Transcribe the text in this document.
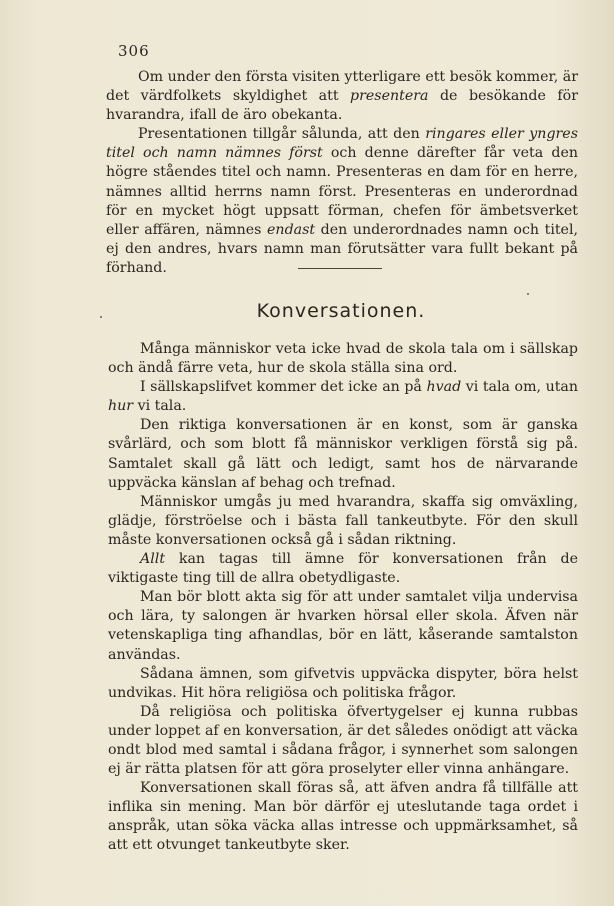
306

Om under den första visiten ytterligare ett besök kommer, är det värdfolkets skyldighet att presentera de besökande för hvarandra, ifall de äro obekanta.

Presentationen tillgår sålunda, att den ringares eller yngres titel och namn nämnes först och denne därefter får veta den högre ståendes titel och namn. Presenteras en dam för en herre, nämnes alltid herrns namn först. Presenteras en underordnad för en mycket högt uppsatt förman, chefen för ämbetsverket eller affären, nämnes endast den underordnades namn och titel, ej den andres, hvars namn man förutsätter vara fullt bekant på förhand.

Konversationen.

Många människor veta icke hvad de skola tala om i sällskap och ändå färre veta, hur de skola ställa sina ord.

I sällskapslifvet kommer det icke an på hvad vi tala om, utan hur vi tala.

Den riktiga konversationen är en konst, som är ganska svårlärd, och som blott få människor verkligen förstå sig på. Samtalet skall gå lätt och ledigt, samt hos de närvarande uppväcka känslan af behag och trefnad.

Människor umgås ju med hvarandra, skaffa sig omväxling, glädje, förströelse och i bästa fall tankeutbyte. För den skull måste konversationen också gå i sådan riktning.

Allt kan tagas till ämne för konversationen från de viktigaste ting till de allra obetydligaste.

Man bör blott akta sig för att under samtalet vilja undervisa och lära, ty salongen är hvarken hörsal eller skola. Äfven när vetenskapliga ting afhandlas, bör en lätt, kåserande samtalston användas.

Sådana ämnen, som gifvetvis uppväcka dispyter, böra helst undvikas. Hit höra religiösa och politiska frågor.

Då religiösa och politiska öfvertygelser ej kunna rubbas under loppet af en konversation, är det således onödigt att väcka ondt blod med samtal i sådana frågor, i synnerhet som salongen ej är rätta platsen för att göra proselyter eller vinna anhängare.

Konversationen skall föras så, att äfven andra få tillfälle att inflika sin mening. Man bör därför ej uteslutande taga ordet i anspråk, utan söka väcka allas intresse och uppmärksamhet, så att ett otvunget tankeutbyte sker.
